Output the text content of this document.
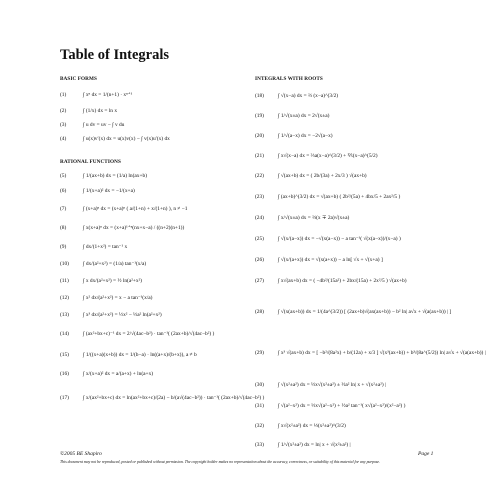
Table of Integrals
BASIC FORMS
(1)	∫ xⁿ dx = 1/(n+1) · xⁿ⁺¹
(2)	∫ (1/x) dx = ln x
(3)	∫ u dv = uv − ∫ v du
(4)	∫ u(x)v′(x) dx = u(x)v(x) − ∫ v(x)u′(x) dx
RATIONAL FUNCTIONS
(5)	∫ 1/(ax+b) dx = (1/a) ln(ax+b)
(6)	∫ 1/(x+a)² dx = −1/(x+a)
(7)	∫ (x+a)ⁿ dx = (x+a)ⁿ ( a/(1+n) + x/(1+n) ), n ≠ −1
(8)	∫ x(x+a)ⁿ dx = (x+a)¹⁺ⁿ(nx+x−a) / ((n+2)(n+1))
(9)	∫ dx/(1+x²) = tan⁻¹ x
(10)	∫ dx/(a²+x²) = (1/a) tan⁻¹(x/a)
(11)	∫ x dx/(a²+x²) = ½ ln(a²+x²)
(12)	∫ x² dx/(a²+x²) = x − a tan⁻¹(x/a)
(13)	∫ x³ dx/(a²+x²) = ½x² − ½a² ln(a²+x²)
(14)	∫ (ax²+bx+c)⁻¹ dx = 2/√(4ac−b²) · tan⁻¹( (2ax+b)/√(4ac−b²) )
(15)	∫ 1/((x+a)(x+b)) dx = 1/(b−a) · ln((a+x)/(b+x)), a ≠ b
(16)	∫ x/(x+a)² dx = a/(a+x) + ln(a+x)
(17)	∫ x/(ax²+bx+c) dx = ln(ax²+bx+c)/(2a) − b/(a√(4ac−b²)) · tan⁻¹( (2ax+b)/√(4ac−b²) )
INTEGRALS WITH ROOTS
(18)	∫ √(x−a) dx = ⅔ (x−a)^(3/2)
(19)	∫ 1/√(x±a) dx = 2√(x±a)
(20)	∫ 1/√(a−x) dx = −2√(a−x)
(21)	∫ x√(x−a) dx = ⅔a(x−a)^(3/2) + ⅖(x−a)^(5/2)
(22)	∫ √(ax+b) dx = ( 2b/(3a) + 2x/3 ) √(ax+b)
(23)	∫ (ax+b)^(3/2) dx = √(ax+b) ( 2b²/(5a) + 4bx/5 + 2ax²/5 )
(24)	∫ x/√(x±a) dx = ⅔(x ∓ 2a)√(x±a)
(25)	∫ √(x/(a−x)) dx = −√(x(a−x)) − a tan⁻¹( √(x(a−x))/(x−a) )
(26)	∫ √(x/(a+x)) dx = √(x(a+x)) − a ln[ √x + √(x+a) ]
(27)	∫ x√(ax+b) dx = ( −4b²/(15a²) + 2bx/(15a) + 2x²/5 ) √(ax+b)
(28)	∫ √(x(ax+b)) dx = 1/(4a^(3/2)) [ (2ax+b)√(ax(ax+b)) − b² ln| a√x + √(a(ax+b)) | ]
(29)	∫ x³ √(ax+b) dx = [ −b²/(8a²x) + b/(12a) + x/3 ] √(x³(ax+b)) + b³/(8a^(5/2)) ln| a√x + √(a(ax+b)) |
(30)	∫ √(x²±a²) dx = ½x√(x²±a²) ± ½a² ln| x + √(x²±a²) |
(31)	∫ √(a²−x²) dx = ½x√(a²−x²) + ½a² tan⁻¹( x√(a²−x²)/(x²−a²) )
(32)	∫ x√(x²±a²) dx = ⅓(x²±a²)^(3/2)
(33)	∫ 1/√(x²±a²) dx = ln| x + √(x²±a²) |
©2005 BE Shapiro	Page 1
This document may not be reproduced, posted or published without permission. The copyright holder makes no representation about the accuracy, correctness, or suitability of this material for any purpose.
